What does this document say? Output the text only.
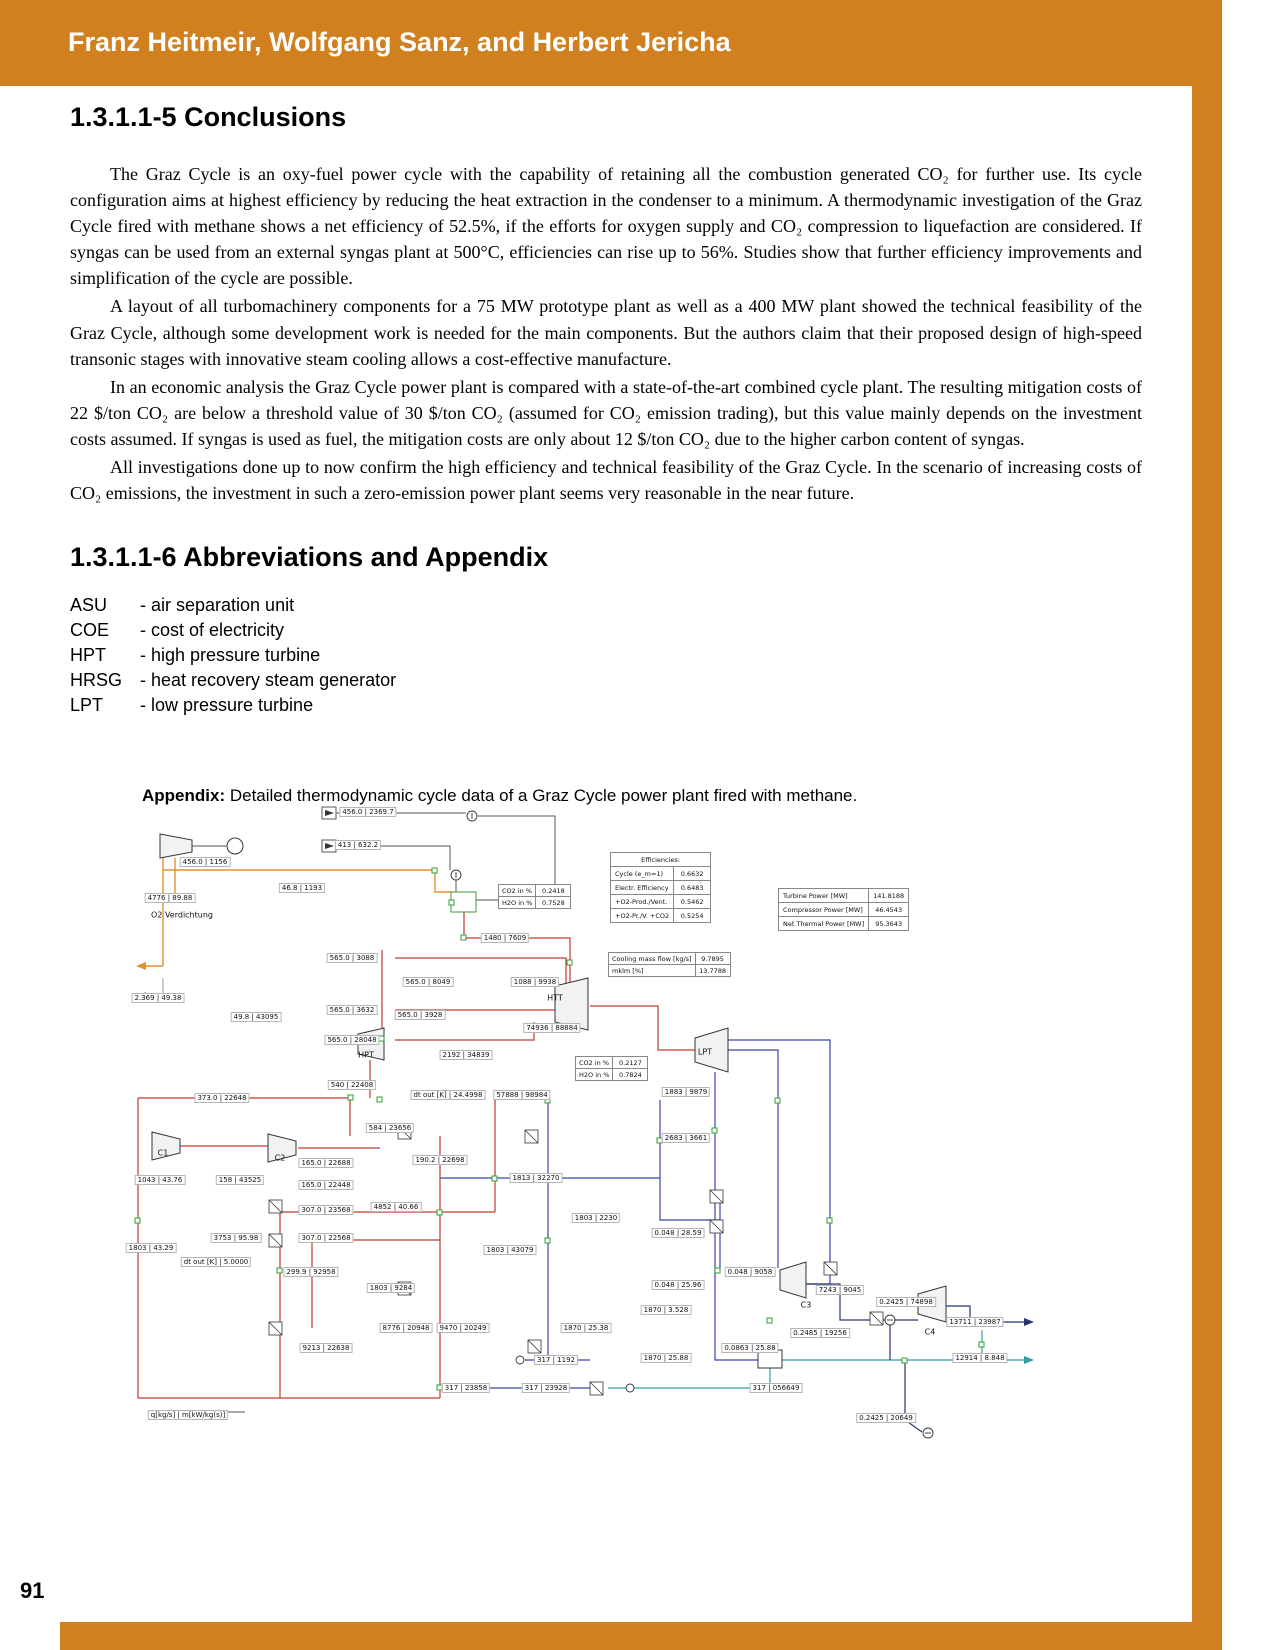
Franz Heitmeir, Wolfgang Sanz, and Herbert Jericha
1.3.1.1-5 Conclusions

The Graz Cycle is an oxy-fuel power cycle with the capability of retaining all the combustion generated CO₂ for further use. Its cycle configuration aims at highest efficiency by reducing the heat extraction in the condenser to a minimum. A thermodynamic investigation of the Graz Cycle fired with methane shows a net efficiency of 52.5%, if the efforts for oxygen supply and CO₂ compression to liquefaction are considered. If syngas can be used from an external syngas plant at 500°C, efficiencies can rise up to 56%. Studies show that further efficiency improvements and simplification of the cycle are possible.

A layout of all turbomachinery components for a 75 MW prototype plant as well as a 400 MW plant showed the technical feasibility of the Graz Cycle, although some development work is needed for the main components. But the authors claim that their proposed design of high-speed transonic stages with innovative steam cooling allows a cost-effective manufacture.

In an economic analysis the Graz Cycle power plant is compared with a state-of-the-art combined cycle plant. The resulting mitigation costs of 22 $/ton CO₂ are below a threshold value of 30 $/ton CO₂ (assumed for CO₂ emission trading), but this value mainly depends on the investment costs assumed. If syngas is used as fuel, the mitigation costs are only about 12 $/ton CO₂ due to the higher carbon content of syngas.

All investigations done up to now confirm the high efficiency and technical feasibility of the Graz Cycle. In the scenario of increasing costs of CO₂ emissions, the investment in such a zero-emission power plant seems very reasonable in the near future.

1.3.1.1-6 Abbreviations and Appendix
ASU - air separation unit
COE - cost of electricity
HPT - high pressure turbine
HRSG - heat recovery steam generator
LPT - low pressure turbine

Appendix: Detailed thermodynamic cycle data of a Graz Cycle power plant fired with methane.

456.0 | 2369.7
413 | 632.2
456.0 | 1156
46.8 | 1193
4776 | 89.88
2.369 | 49.38
1480 | 7609
565.0 | 3088
565.0 | 8049	1088 | 9938
565.0 | 3632
565.0 | 3928
49.8 | 43095
74936 | 88884
565.0 | 28048
2192 | 34839
540 | 22408
1883 | 9879
dt out [K] | 24.4998	57888 | 98984
373.0 | 22648
584 | 23656
2683 | 3661
190.2 | 22698
165.0 | 22688
1043 | 43.76	158 | 43525
165.0 | 22448
1813 | 32270
4852 | 40.66
307.0 | 23568
1803 | 2230
0.048 | 28.59
3753 | 95.98	307.0 | 22568
1803 | 43.29	1803 | 43079
dt out [K] | 5.0000
0.048 | 9058
299.9 | 92958
0.048 | 25.96
1803 | 9284	7243 | 9045
0.2425 | 74898
1870 | 3.528
8776 | 20948	9470 | 20249	1870 | 25.38
13711 | 23987
0.2485 | 19256
9213 | 22638	0.0863 | 25.88
317 | 1192	1870 | 25.88	12914 | 8.848
317 | 23858	317 | 23928	317 | 056649
q[kg/s] | m[kW/kg(s)]	0.2425 | 20649
O2 Verdichtung
HTT
HPT	LPT
C1
C2
C3
C4
Efficiencies:	
Cycle (e_m=1)	0.6632
Electr. Efficiency	0.6483
+O2-Prod./Vent.	0.5462
+O2-Pr./V. +CO2	0.5254
Turbine Power [MW]	141.8188
Compressor Power [MW]	46.4543
Net Thermal Power [MW]	95.3643
Cooling mass flow [kg/s]	9.7895
mklm [%]	13.7788
CO2 in %	0.2418
H2O in %	0.7528
CO2 in %	0.2127
H2O in %	0.7824
91
